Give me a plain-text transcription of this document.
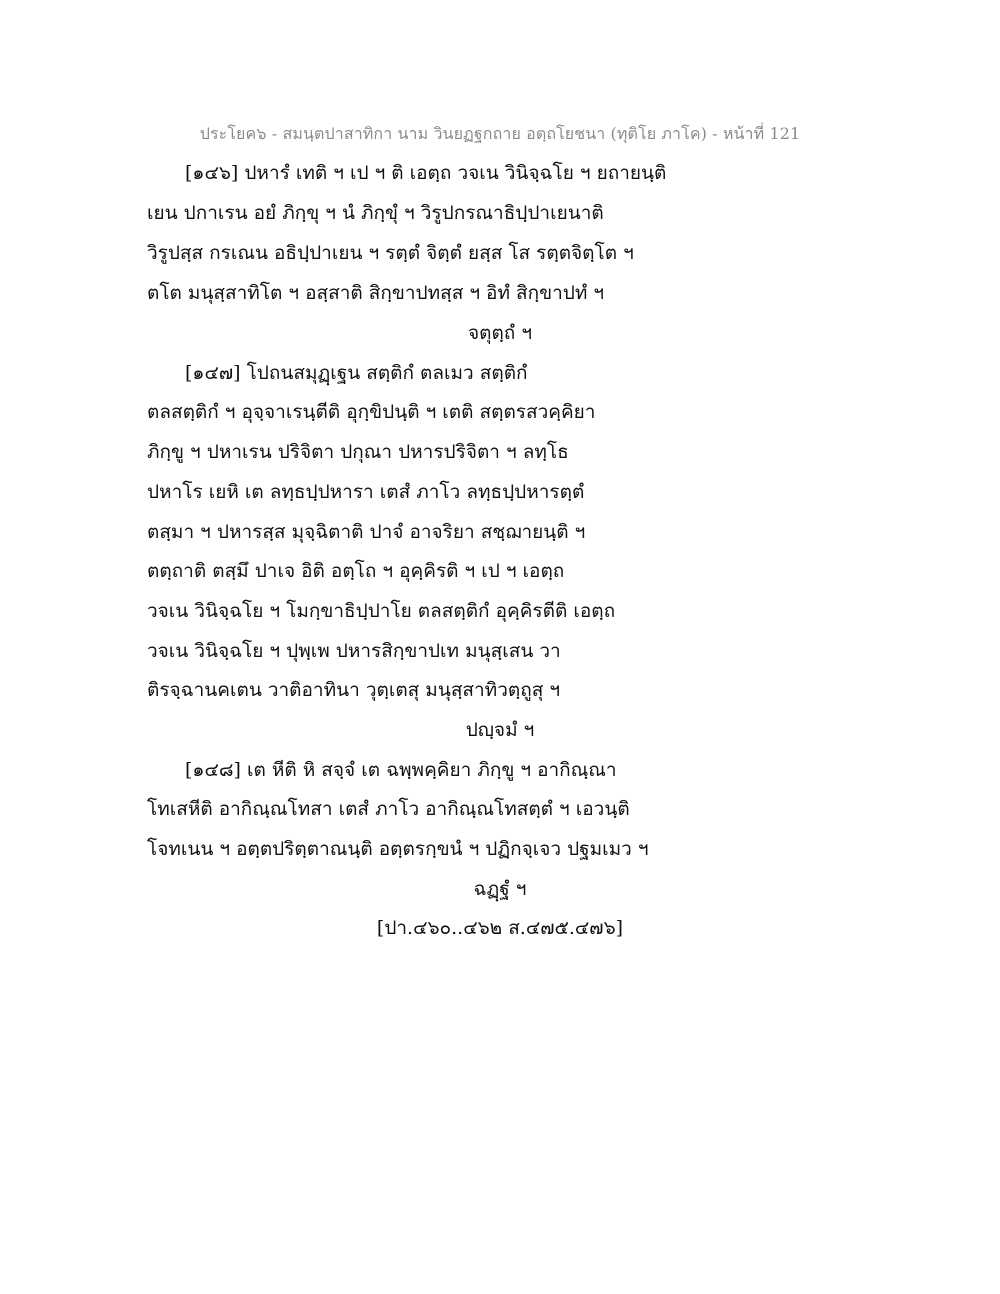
ประโยค๖ - สมนฺตปาสาทิกา นาม วินยฏฐกถาย อตฺถโยชนา (ทุติโย ภาโค) - หน้าที่ 121
[๑๔๖] ปหารํ เทติ ฯ เป ฯ ติ เอตฺถ วจเน วินิจฺฉโย ฯ ยถายนฺติ
เยน ปกาเรน อยํ ภิกฺขุ ฯ นํ ภิกฺขุํ ฯ วิรูปกรณาธิปฺปาเยนาติ
วิรูปสฺส กรเณน อธิปฺปาเยน ฯ รตฺตํ จิตฺตํ ยสฺส โส รตฺตจิตฺโต ฯ
ตโต มนุสฺสาทิโต ฯ อสฺสาติ สิกฺขาปทสฺส ฯ อิทํ สิกฺขาปทํ ฯ
จตุตฺถํ ฯ
[๑๔๗] โปถนสมุฏฺเฐน สตฺติกํ ตลเมว สตฺติกํ
ตลสตฺติกํ ฯ อุจฺจาเรนฺตีติ อุกฺขิปนฺติ ฯ เตติ สตฺตรสวคฺคิยา
ภิกฺขู ฯ ปหาเรน ปริจิตา ปกุณา ปหารปริจิตา ฯ ลทฺโธ
ปหาโร เยหิ เต ลทฺธปฺปหารา เตสํ ภาโว ลทฺธปฺปหารตฺตํ
ตสฺมา ฯ ปหารสฺส มุจฺฉิตาติ ปาจํ อาจริยา สชฺฌายนฺติ ฯ
ตตฺถาติ ตสฺมึ ปาเจ อิติ อตฺโถ ฯ อุคฺคิรติ ฯ เป ฯ เอตฺถ
วจเน วินิจฺฉโย ฯ โมกฺขาธิปฺปาโย ตลสตฺติกํ อุคฺคิรตีติ เอตฺถ
วจเน วินิจฺฉโย ฯ ปุพฺเพ ปหารสิกฺขาปเท มนุสฺเสน วา
ติรจฺฉานคเตน วาติอาทินา วุตฺเตสุ มนุสฺสาทิวตฺถูสุ ฯ
ปญฺจมํ ฯ
[๑๔๘] เต หีติ หิ สจฺจํ เต ฉพฺพคฺคิยา ภิกฺขู ฯ อากิณฺณา
โทเสหีติ อากิณฺณโทสา เตสํ ภาโว อากิณฺณโทสตฺตํ ฯ เอวนฺติ
โจทเนน ฯ อตฺตปริตฺตาณนฺติ อตฺตรกฺขนํ ฯ ปฏิกจฺเจว ปฐมเมว ฯ
ฉฏฺฐํ ฯ
[ปา.๔๖๐..๔๖๒ ส.๔๗๕.๔๗๖]
